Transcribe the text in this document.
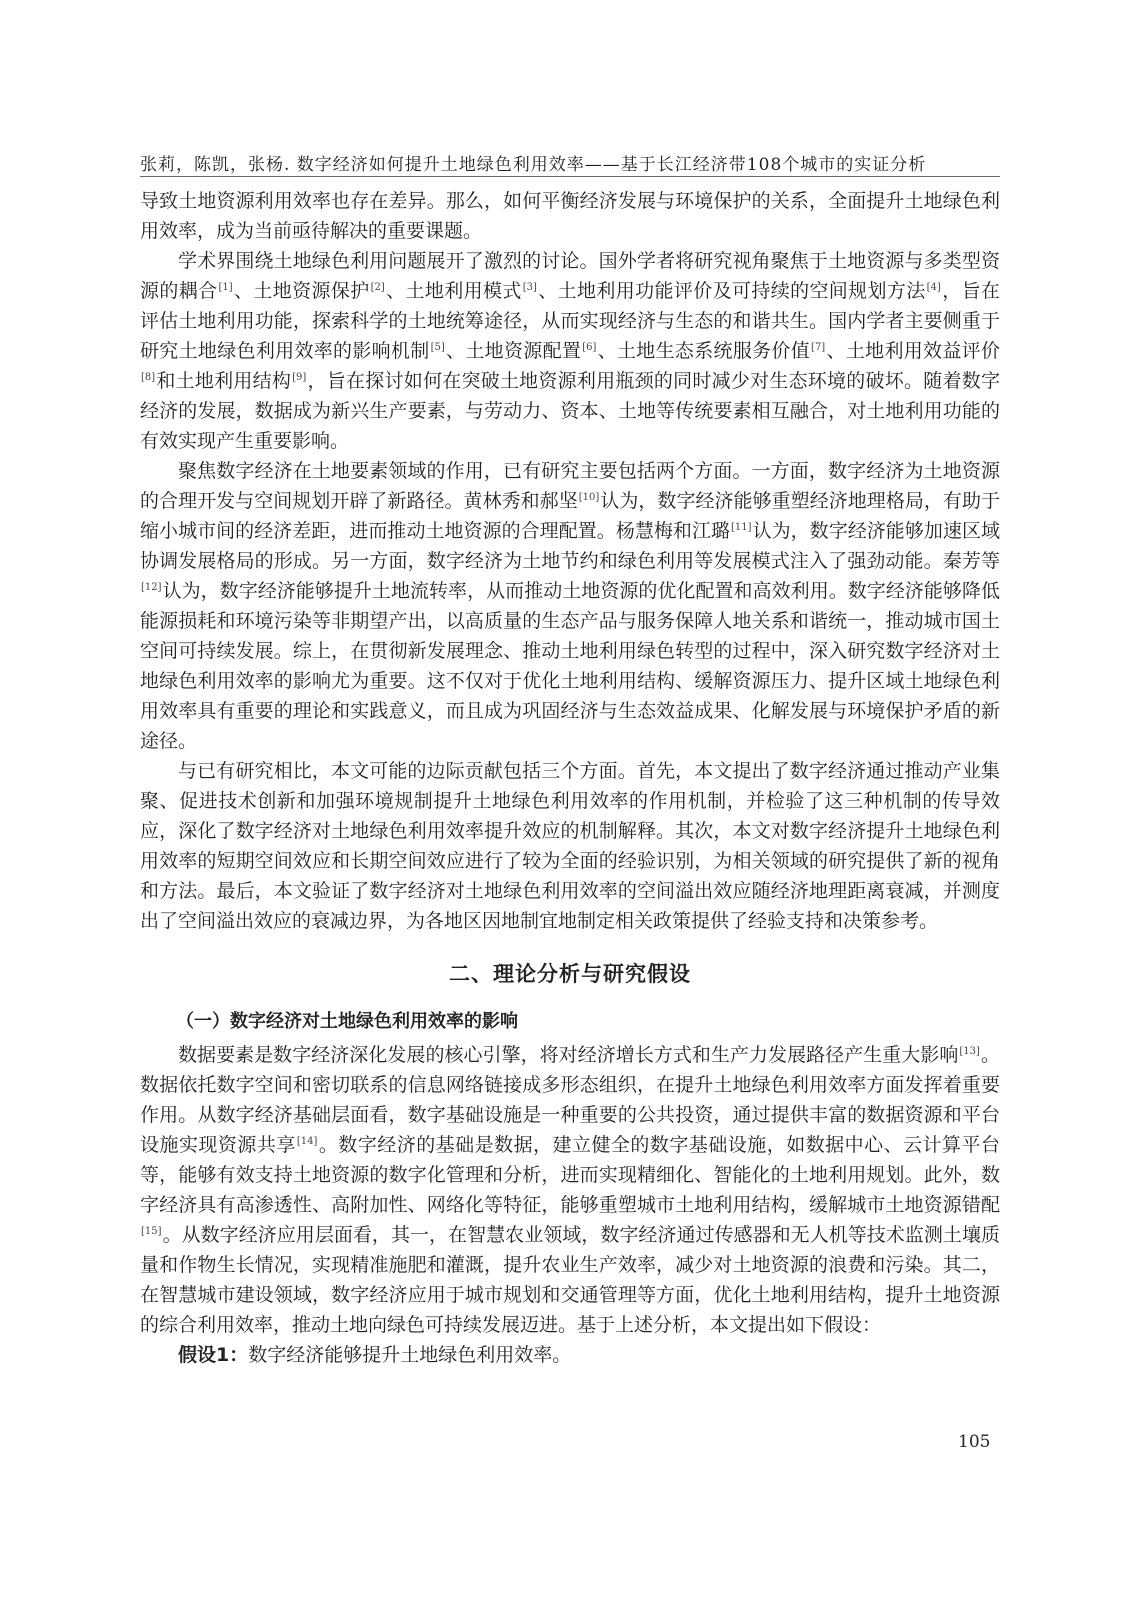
张莉，陈凯，张杨. 数字经济如何提升土地绿色利用效率——基于长江经济带108个城市的实证分析

导致土地资源利用效率也存在差异。那么，如何平衡经济发展与环境保护的关系，全面提升土地绿色利用效率，成为当前亟待解决的重要课题。

学术界围绕土地绿色利用问题展开了激烈的讨论。国外学者将研究视角聚焦于土地资源与多类型资源的耦合[1]、土地资源保护[2]、土地利用模式[3]、土地利用功能评价及可持续的空间规划方法[4]，旨在评估土地利用功能，探索科学的土地统筹途径，从而实现经济与生态的和谐共生。国内学者主要侧重于研究土地绿色利用效率的影响机制[5]、土地资源配置[6]、土地生态系统服务价值[7]、土地利用效益评价[8]和土地利用结构[9]，旨在探讨如何在突破土地资源利用瓶颈的同时减少对生态环境的破坏。随着数字经济的发展，数据成为新兴生产要素，与劳动力、资本、土地等传统要素相互融合，对土地利用功能的有效实现产生重要影响。

聚焦数字经济在土地要素领域的作用，已有研究主要包括两个方面。一方面，数字经济为土地资源的合理开发与空间规划开辟了新路径。黄林秀和郝坚[10]认为，数字经济能够重塑经济地理格局，有助于缩小城市间的经济差距，进而推动土地资源的合理配置。杨慧梅和江璐[11]认为，数字经济能够加速区域协调发展格局的形成。另一方面，数字经济为土地节约和绿色利用等发展模式注入了强劲动能。秦芳等[12]认为，数字经济能够提升土地流转率，从而推动土地资源的优化配置和高效利用。数字经济能够降低能源损耗和环境污染等非期望产出，以高质量的生态产品与服务保障人地关系和谐统一，推动城市国土空间可持续发展。综上，在贯彻新发展理念、推动土地利用绿色转型的过程中，深入研究数字经济对土地绿色利用效率的影响尤为重要。这不仅对于优化土地利用结构、缓解资源压力、提升区域土地绿色利用效率具有重要的理论和实践意义，而且成为巩固经济与生态效益成果、化解发展与环境保护矛盾的新途径。

与已有研究相比，本文可能的边际贡献包括三个方面。首先，本文提出了数字经济通过推动产业集聚、促进技术创新和加强环境规制提升土地绿色利用效率的作用机制，并检验了这三种机制的传导效应，深化了数字经济对土地绿色利用效率提升效应的机制解释。其次，本文对数字经济提升土地绿色利用效率的短期空间效应和长期空间效应进行了较为全面的经验识别，为相关领域的研究提供了新的视角和方法。最后，本文验证了数字经济对土地绿色利用效率的空间溢出效应随经济地理距离衰减，并测度出了空间溢出效应的衰减边界，为各地区因地制宜地制定相关政策提供了经验支持和决策参考。

二、理论分析与研究假设
（一）数字经济对土地绿色利用效率的影响

数据要素是数字经济深化发展的核心引擎，将对经济增长方式和生产力发展路径产生重大影响[13]。数据依托数字空间和密切联系的信息网络链接成多形态组织，在提升土地绿色利用效率方面发挥着重要作用。从数字经济基础层面看，数字基础设施是一种重要的公共投资，通过提供丰富的数据资源和平台设施实现资源共享[14]。数字经济的基础是数据，建立健全的数字基础设施，如数据中心、云计算平台等，能够有效支持土地资源的数字化管理和分析，进而实现精细化、智能化的土地利用规划。此外，数字经济具有高渗透性、高附加性、网络化等特征，能够重塑城市土地利用结构，缓解城市土地资源错配[15]。从数字经济应用层面看，其一，在智慧农业领域，数字经济通过传感器和无人机等技术监测土壤质量和作物生长情况，实现精准施肥和灌溉，提升农业生产效率，减少对土地资源的浪费和污染。其二，在智慧城市建设领域，数字经济应用于城市规划和交通管理等方面，优化土地利用结构，提升土地资源的综合利用效率，推动土地向绿色可持续发展迈进。基于上述分析，本文提出如下假设：

假设1：数字经济能够提升土地绿色利用效率。

105
